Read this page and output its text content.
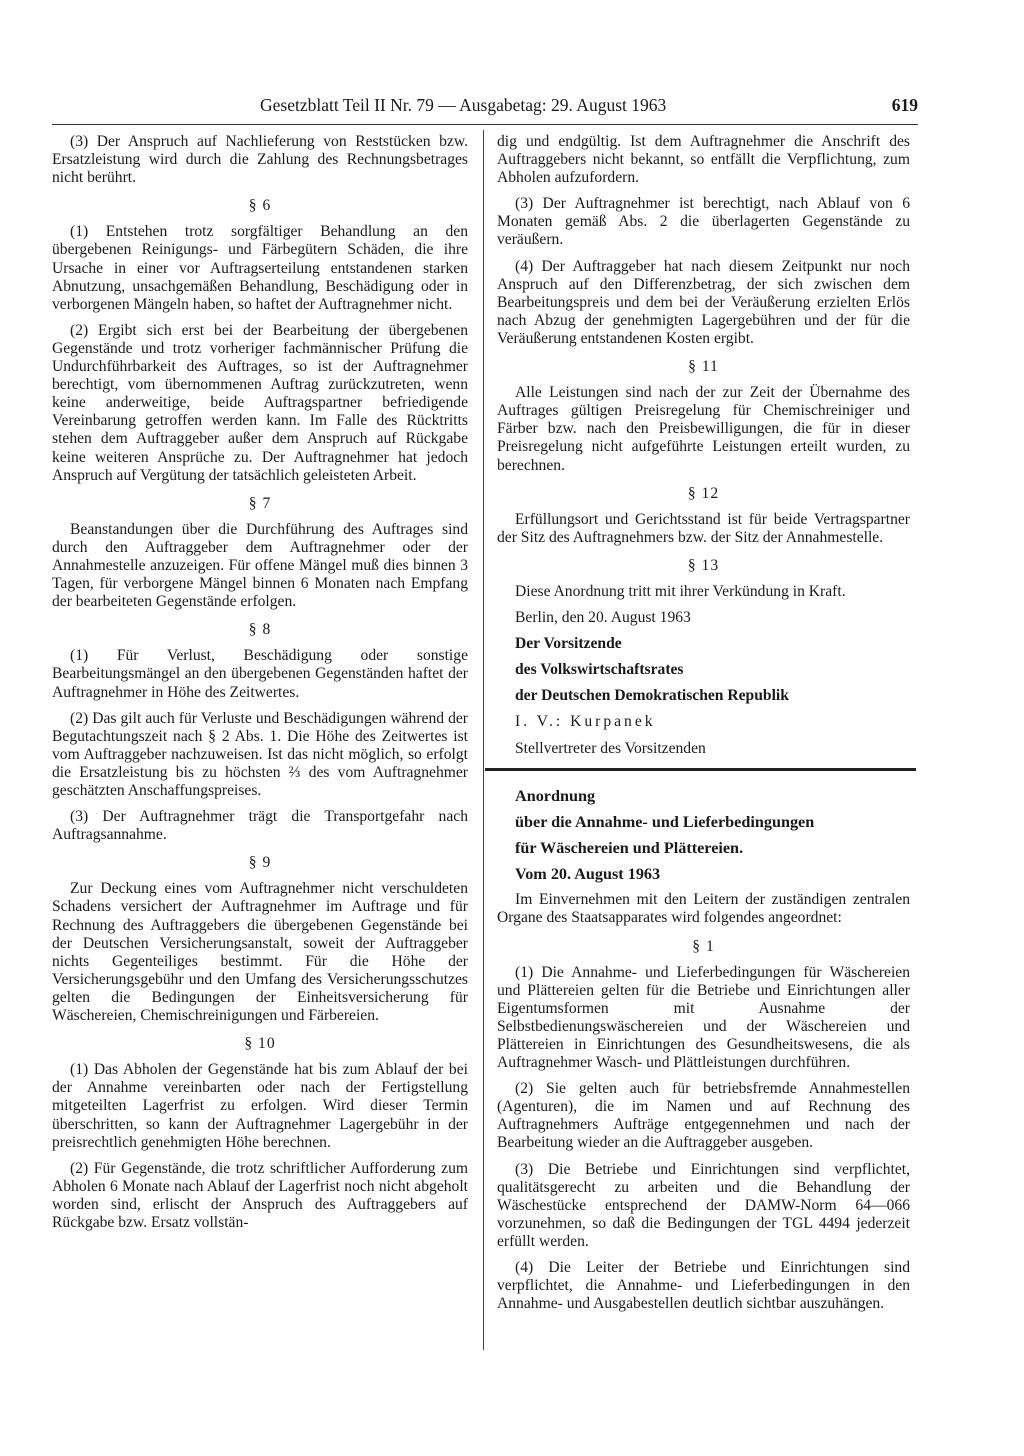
Gesetzblatt Teil II Nr. 79 — Ausgabetag: 29. August 1963	619

(3) Der Anspruch auf Nachlieferung von Reststücken bzw. Ersatzleistung wird durch die Zahlung des Rechnungsbetrages nicht berührt.

§ 6

(1) Entstehen trotz sorgfältiger Behandlung an den übergebenen Reinigungs- und Färbegütern Schäden, die ihre Ursache in einer vor Auftragserteilung entstandenen starken Abnutzung, unsachgemäßen Behandlung, Beschädigung oder in verborgenen Mängeln haben, so haftet der Auftragnehmer nicht.

(2) Ergibt sich erst bei der Bearbeitung der übergebenen Gegenstände und trotz vorheriger fachmännischer Prüfung die Undurchführbarkeit des Auftrages, so ist der Auftragnehmer berechtigt, vom übernommenen Auftrag zurückzutreten, wenn keine anderweitige, beide Auftragspartner befriedigende Vereinbarung getroffen werden kann. Im Falle des Rücktritts stehen dem Auftraggeber außer dem Anspruch auf Rückgabe keine weiteren Ansprüche zu. Der Auftragnehmer hat jedoch Anspruch auf Vergütung der tatsächlich geleisteten Arbeit.

§ 7

Beanstandungen über die Durchführung des Auftrages sind durch den Auftraggeber dem Auftragnehmer oder der Annahmestelle anzuzeigen. Für offene Mängel muß dies binnen 3 Tagen, für verborgene Mängel binnen 6 Monaten nach Empfang der bearbeiteten Gegenstände erfolgen.

§ 8

(1) Für Verlust, Beschädigung oder sonstige Bearbeitungsmängel an den übergebenen Gegenständen haftet der Auftragnehmer in Höhe des Zeitwertes.

(2) Das gilt auch für Verluste und Beschädigungen während der Begutachtungszeit nach § 2 Abs. 1. Die Höhe des Zeitwertes ist vom Auftraggeber nachzuweisen. Ist das nicht möglich, so erfolgt die Ersatzleistung bis zu höchsten ⅔ des vom Auftragnehmer geschätzten Anschaffungspreises.

(3) Der Auftragnehmer trägt die Transportgefahr nach Auftragsannahme.

§ 9

Zur Deckung eines vom Auftragnehmer nicht verschuldeten Schadens versichert der Auftragnehmer im Auftrage und für Rechnung des Auftraggebers die übergebenen Gegenstände bei der Deutschen Versicherungsanstalt, soweit der Auftraggeber nichts Gegenteiliges bestimmt. Für die Höhe der Versicherungsgebühr und den Umfang des Versicherungsschutzes gelten die Bedingungen der Einheitsversicherung für Wäschereien, Chemischreinigungen und Färbereien.

§ 10

(1) Das Abholen der Gegenstände hat bis zum Ablauf der bei der Annahme vereinbarten oder nach der Fertigstellung mitgeteilten Lagerfrist zu erfolgen. Wird dieser Termin überschritten, so kann der Auftragnehmer Lagergebühr in der preisrechtlich genehmigten Höhe berechnen.

(2) Für Gegenstände, die trotz schriftlicher Aufforderung zum Abholen 6 Monate nach Ablauf der Lagerfrist noch nicht abgeholt worden sind, erlischt der Anspruch des Auftraggebers auf Rückgabe bzw. Ersatz vollstän-

dig und endgültig. Ist dem Auftragnehmer die Anschrift des Auftraggebers nicht bekannt, so entfällt die Verpflichtung, zum Abholen aufzufordern.

(3) Der Auftragnehmer ist berechtigt, nach Ablauf von 6 Monaten gemäß Abs. 2 die überlagerten Gegenstände zu veräußern.

(4) Der Auftraggeber hat nach diesem Zeitpunkt nur noch Anspruch auf den Differenzbetrag, der sich zwischen dem Bearbeitungspreis und dem bei der Veräußerung erzielten Erlös nach Abzug der genehmigten Lagergebühren und der für die Veräußerung entstandenen Kosten ergibt.

§ 11

Alle Leistungen sind nach der zur Zeit der Übernahme des Auftrages gültigen Preisregelung für Chemischreiniger und Färber bzw. nach den Preisbewilligungen, die für in dieser Preisregelung nicht aufgeführte Leistungen erteilt wurden, zu berechnen.

§ 12

Erfüllungsort und Gerichtsstand ist für beide Vertragspartner der Sitz des Auftragnehmers bzw. der Sitz der Annahmestelle.

§ 13

Diese Anordnung tritt mit ihrer Verkündung in Kraft.

Berlin, den 20. August 1963

Der Vorsitzende

des Volkswirtschaftsrates

der Deutschen Demokratischen Republik

I. V.: Kurpanek

Stellvertreter des Vorsitzenden

Anordnung

über die Annahme- und Lieferbedingungen

für Wäschereien und Plättereien.

Vom 20. August 1963

Im Einvernehmen mit den Leitern der zuständigen zentralen Organe des Staatsapparates wird folgendes angeordnet:

§ 1

(1) Die Annahme- und Lieferbedingungen für Wäschereien und Plättereien gelten für die Betriebe und Einrichtungen aller Eigentumsformen mit Ausnahme der Selbstbedienungswäschereien und der Wäschereien und Plättereien in Einrichtungen des Gesundheitswesens, die als Auftragnehmer Wasch- und Plättleistungen durchführen.

(2) Sie gelten auch für betriebsfremde Annahmestellen (Agenturen), die im Namen und auf Rechnung des Auftragnehmers Aufträge entgegennehmen und nach der Bearbeitung wieder an die Auftraggeber ausgeben.

(3) Die Betriebe und Einrichtungen sind verpflichtet, qualitätsgerecht zu arbeiten und die Behandlung der Wäschestücke entsprechend der DAMW-Norm 64—066 vorzunehmen, so daß die Bedingungen der TGL 4494 jederzeit erfüllt werden.

(4) Die Leiter der Betriebe und Einrichtungen sind verpflichtet, die Annahme- und Lieferbedingungen in den Annahme- und Ausgabestellen deutlich sichtbar auszuhängen.
